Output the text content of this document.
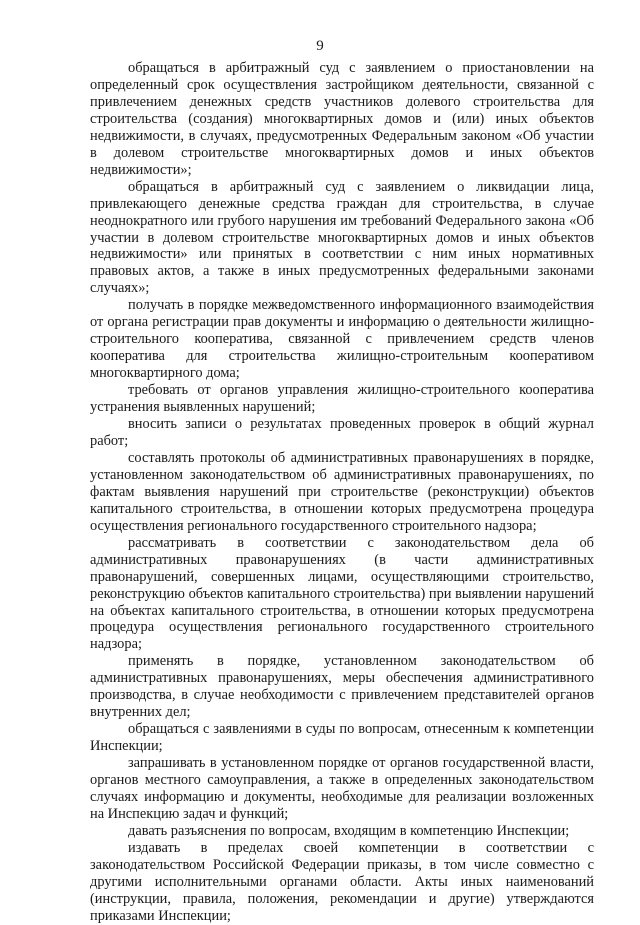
9

обращаться в арбитражный суд с заявлением о приостановлении на определенный срок осуществления застройщиком деятельности, связанной с привлечением денежных средств участников долевого строительства для строительства (создания) многоквартирных домов и (или) иных объектов недвижимости, в случаях, предусмотренных Федеральным законом «Об участии в долевом строительстве многоквартирных домов и иных объектов недвижимости»;

обращаться в арбитражный суд с заявлением о ликвидации лица, привлекающего денежные средства граждан для строительства, в случае неоднократного или грубого нарушения им требований Федерального закона «Об участии в долевом строительстве многоквартирных домов и иных объектов недвижимости» или принятых в соответствии с ним иных нормативных правовых актов, а также в иных предусмотренных федеральными законами случаях»;

получать в порядке межведомственного информационного взаимодействия от органа регистрации прав документы и информацию о деятельности жилищно-строительного кооператива, связанной с привлечением средств членов кооператива для строительства жилищно-строительным кооперативом многоквартирного дома;

требовать от органов управления жилищно-строительного кооператива устранения выявленных нарушений;

вносить записи о результатах проведенных проверок в общий журнал работ;

составлять протоколы об административных правонарушениях в порядке, установленном законодательством об административных правонарушениях, по фактам выявления нарушений при строительстве (реконструкции) объектов капитального строительства, в отношении которых предусмотрена процедура осуществления регионального государственного строительного надзора;

рассматривать в соответствии с законодательством дела об административных правонарушениях (в части административных правонарушений, совершенных лицами, осуществляющими строительство, реконструкцию объектов капитального строительства) при выявлении нарушений на объектах капитального строительства, в отношении которых предусмотрена процедура осуществления регионального государственного строительного надзора;

применять в порядке, установленном законодательством об административных правонарушениях, меры обеспечения административного производства, в случае необходимости с привлечением представителей органов внутренних дел;

обращаться с заявлениями в суды по вопросам, отнесенным к компетенции Инспекции;

запрашивать в установленном порядке от органов государственной власти, органов местного самоуправления, а также в определенных законодательством случаях информацию и документы, необходимые для реализации возложенных на Инспекцию задач и функций;

давать разъяснения по вопросам, входящим в компетенцию Инспекции;

издавать в пределах своей компетенции в соответствии с законодательством Российской Федерации приказы, в том числе совместно с другими исполнительными органами области. Акты иных наименований (инструкции, правила, положения, рекомендации и другие) утверждаются приказами Инспекции;
